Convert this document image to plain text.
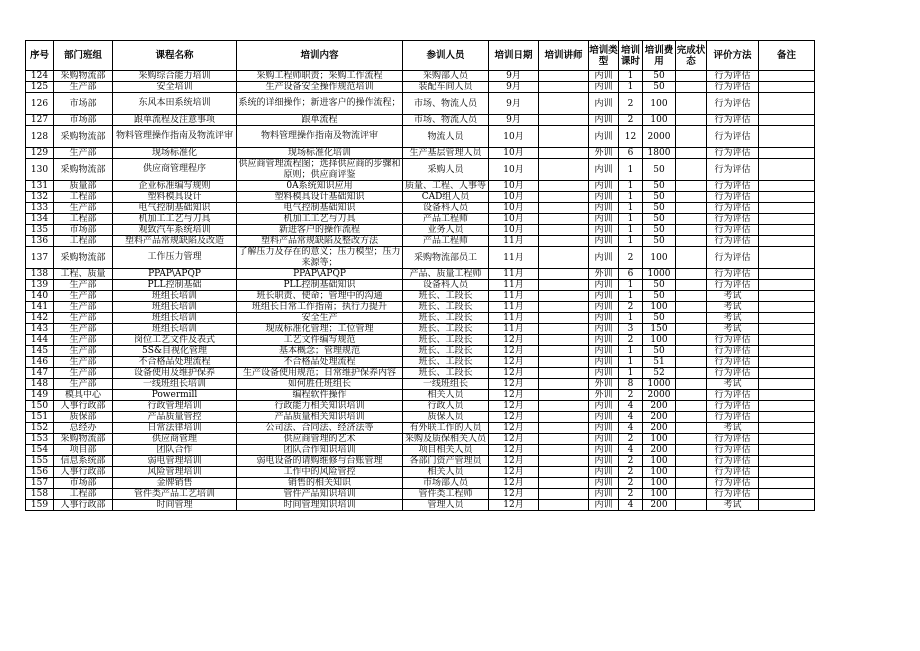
序号	部门班组	课程名称	培训内容	参训人员	培训日期	培训讲师	培训类型	培训课时	培训费用	完成状态	评价方法	备注
124	采购物流部	采购综合能力培训	采购工程师职责；采购工作流程	采购部人员	9月		内训	1	50		行为评估	
125	生产部	安全培训	生产设备安全操作规范培训	装配车间人员	9月		内训	1	50		行为评估	
126	市场部	东风本田系统培训	系统的详细操作；新进客户的操作流程；	市场、物流人员	9月		内训	2	100		行为评估	
127	市场部	跟单流程及注意事项	跟单流程	市场、物流人员	9月		内训	2	100		行为评估	
128	采购物流部	物料管理操作指南及物流评审	物料管理操作指南及物流评审	物流人员	10月		内训	12	2000		行为评估	
129	生产部	现场标准化	现场标准化培训	生产基层管理人员	10月		外训	6	1800		行为评估	
130	采购物流部	供应商管理程序	供应商管理流程图；选择供应商的步骤和原则；供应商评鉴	采购人员	10月		内训	1	50		行为评估	
131	质量部	企业标准编写规则	0A系统知识应用	质量、工程、人事等	10月		内训	1	50		行为评估	
132	工程部	塑料模具设计	塑料模具设计基础知识	CAD组人员	10月		内训	1	50		行为评估	
133	生产部	电气控制基础知识	电气控制基础知识	设备科人员	10月		内训	1	50		行为评估	
134	工程部	机加工工艺与刀具	机加工工艺与刀具	产品工程师	10月		内训	1	50		行为评估	
135	市场部	观致汽车系统培训	新进客户的操作流程	业务人员	10月		内训	1	50		行为评估	
136	工程部	塑料产品常规缺陷及改造	塑料产品常规缺陷及整改方法	产品工程师	11月		内训	1	50		行为评估	
137	采购物流部	工作压力管理	了解压力及存在的意义；压力模型；压力来源等；	采购物流部员工	11月		内训	2	100		行为评估	
138	工程、质量	PPAP\APQP	PPAP\APQP	产品、质量工程师	11月		外训	6	1000		行为评估	
139	生产部	PLL控制基础	PLL控制基础知识	设备科人员	11月		内训	1	50		行为评估	
140	生产部	班组长培训	班长职责、使命；管理中的沟通	班长、工段长	11月		内训	1	50		考试	
141	生产部	班组长培训	班组长日常工作指南；执行力提升	班长、工段长	11月		内训	2	100		考试	
142	生产部	班组长培训	安全生产	班长、工段长	11月		内训	1	50		考试	
143	生产部	班组长培训	现成标准化管理；工位管理	班长、工段长	11月		内训	3	150		考试	
144	生产部	岗位工艺文件及表式	工艺文件编写规范	班长、工段长	12月		内训	2	100		行为评估	
145	生产部	5S&目视化管理	基本概念；管理规范	班长、工段长	12月		内训	1	50		行为评估	
146	生产部	不合格品处理流程	不合格品处理流程	班长、工段长	12月		内训	1	51		行为评估	
147	生产部	设备使用及维护保养	生产设备使用规范；日常维护保养内容	班长、工段长	12月		内训	1	52		行为评估	
148	生产部	一线班组长培训	如何胜任班组长	一线班组长	12月		外训	8	1000		考试	
149	模具中心	Powermill	编程软件操作	相关人员	12月		外训	2	2000		行为评估	
150	人事行政部	行政管理培训	行政能力相关知识培训	行政人员	12月		内训	4	200		行为评估	
151	质保部	产品质量管控	产品质量相关知识培训	质保人员	12月		内训	4	200		行为评估	
152	总经办	日常法律培训	公司法、合同法、经济法等	有外联工作的人员	12月		内训	4	200		考试	
153	采购物流部	供应商管理	供应商管理的艺术	采购及质保相关人员	12月		内训	2	100		行为评估	
154	项目部	团队合作	团队合作知识培训	项目相关人员	12月		内训	4	200		行为评估	
155	信息系统部	弱电管理培训	弱电设备的请购维修与台账管理	各部门资产管理员	12月		内训	2	100		行为评估	
156	人事行政部	风险管理培训	工作中的风险管控	相关人员	12月		内训	2	100		行为评估	
157	市场部	金牌销售	销售的相关知识	市场部人员	12月		内训	2	100		行为评估	
158	工程部	管件类产品工艺培训	管件产品知识培训	管件类工程师	12月		内训	2	100		行为评估	
159	人事行政部	时间管理	时间管理知识培训	管理人员	12月		内训	4	200		考试	
